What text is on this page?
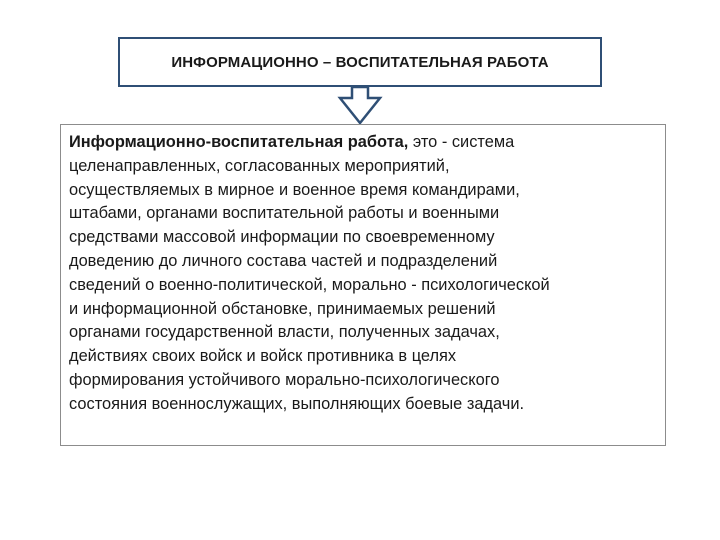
ИНФОРМАЦИОННО – ВОСПИТАТЕЛЬНАЯ РАБОТА

Информационно-воспитательная работа, это - система
целенаправленных, согласованных мероприятий,
осуществляемых в мирное и военное время командирами,
штабами, органами воспитательной работы и военными
средствами массовой информации по своевременному
доведению до личного состава частей и подразделений
сведений о военно-политической, морально - психологической
и информационной обстановке, принимаемых решений
органами государственной власти, полученных задачах,
действиях своих войск и войск противника в целях
формирования устойчивого морально-психологического
состояния военнослужащих, выполняющих боевые задачи.
